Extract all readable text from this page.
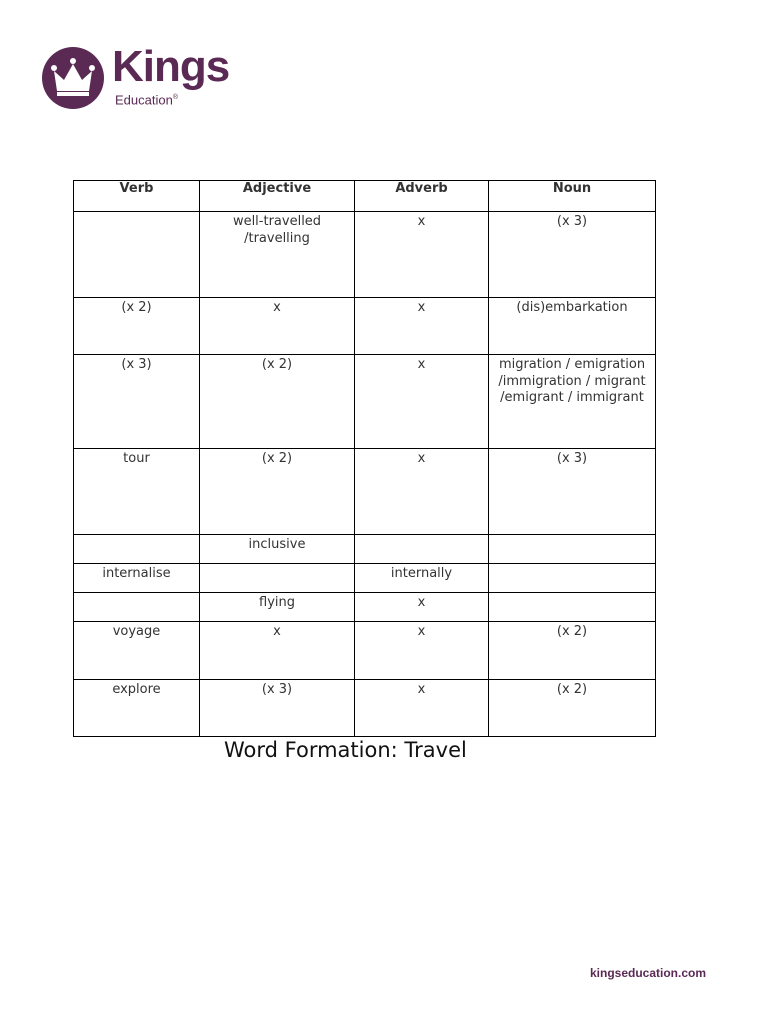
Kings
Education®
Verb	Adjective	Adverb	Noun
	well-travelled /travelling	x	(x 3)
(x 2)	x	x	(dis)embarkation
(x 3)	(x 2)	x	migration / emigration /immigration / migrant /emigrant / immigrant
tour	(x 2)	x	(x 3)
	inclusive		
internalise		internally	
	flying	x	
voyage	x	x	(x 2)
explore	(x 3)	x	(x 2)
Word Formation: Travel
kingseducation.com
